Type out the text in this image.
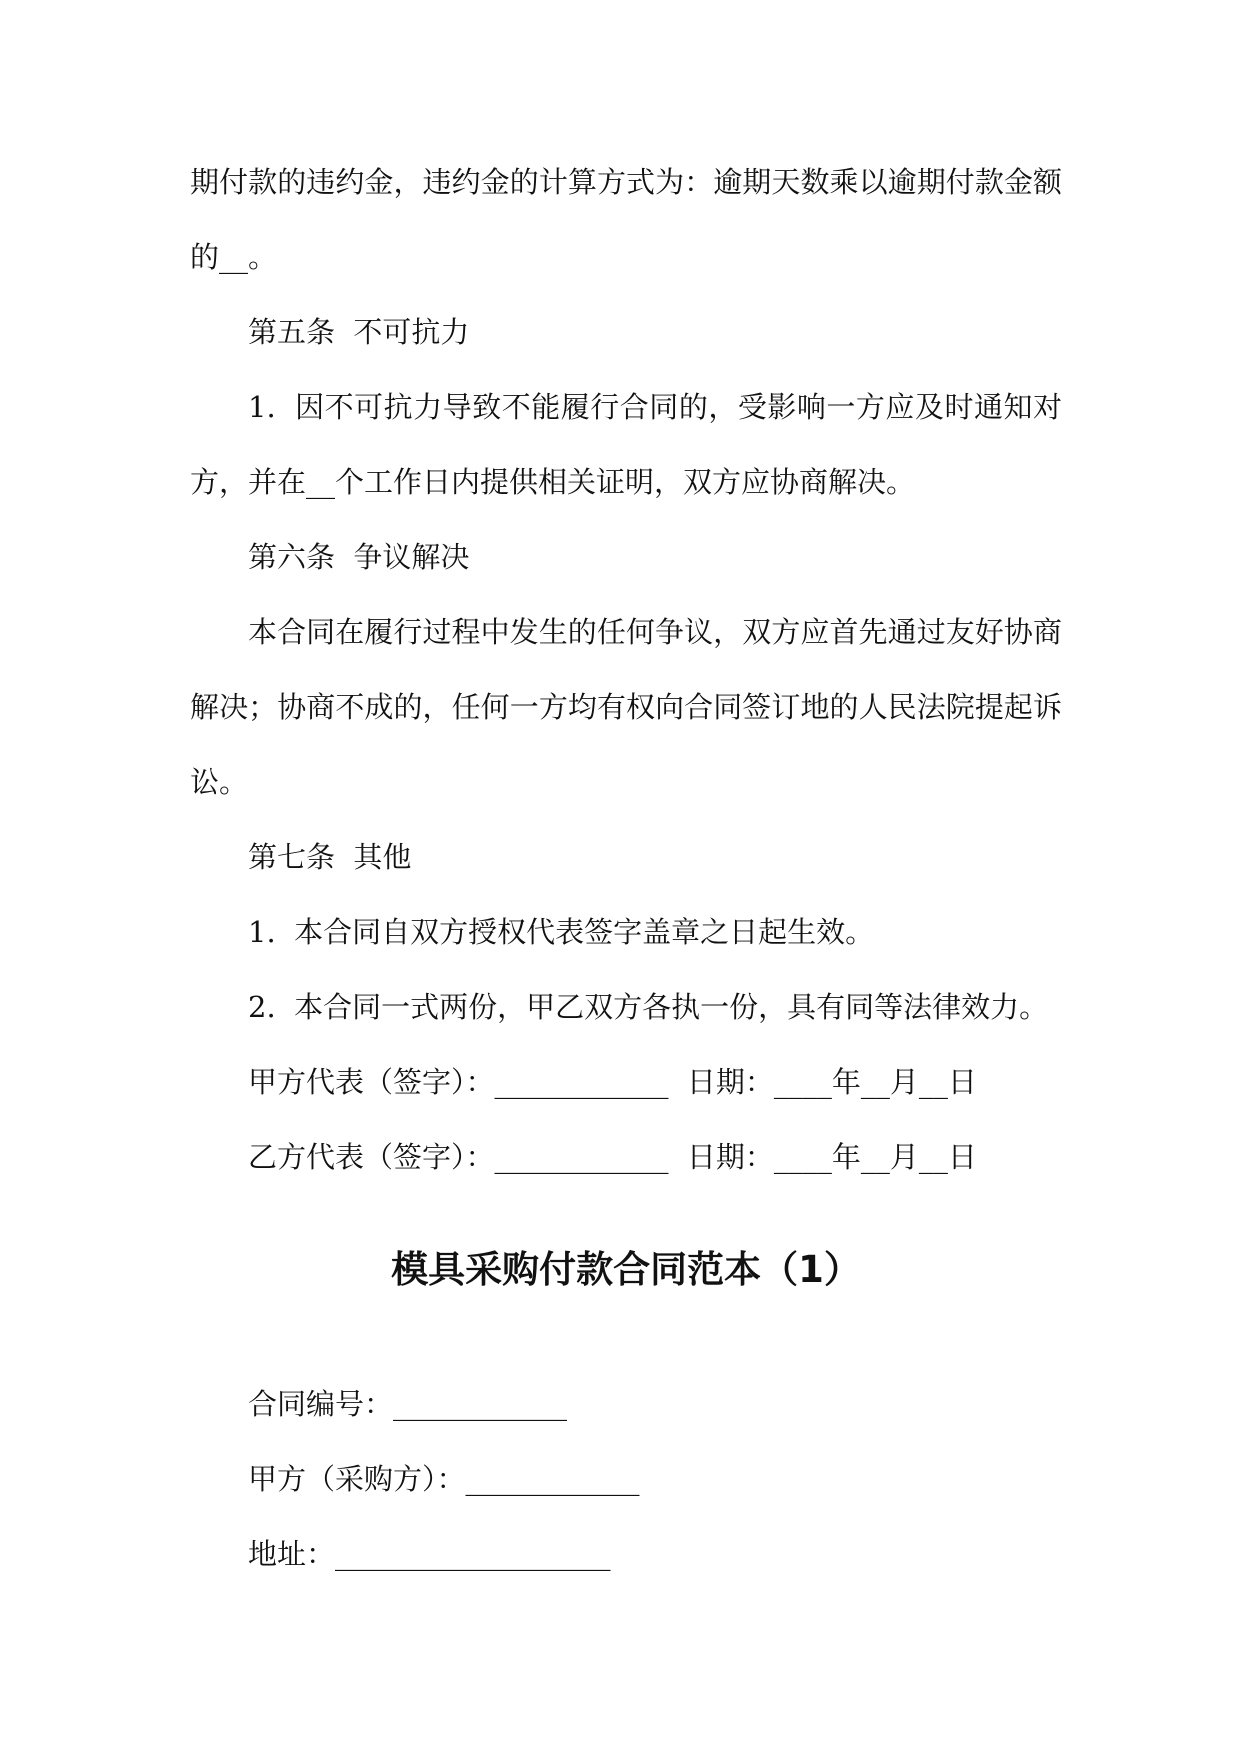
期付款的违约金，违约金的计算方式为：逾期天数乘以逾期付款金额的__。

第五条  不可抗力

1.  因不可抗力导致不能履行合同的，受影响一方应及时通知对方，并在__个工作日内提供相关证明，双方应协商解决。

第六条  争议解决

本合同在履行过程中发生的任何争议，双方应首先通过友好协商解决；协商不成的，任何一方均有权向合同签订地的人民法院提起诉讼。

第七条  其他

1.  本合同自双方授权代表签字盖章之日起生效。

2.  本合同一式两份，甲乙双方各执一份，具有同等法律效力。

甲方代表（签字）：____________  日期：____年__月__日

乙方代表（签字）：____________  日期：____年__月__日

模具采购付款合同范本（1）

合同编号：____________

甲方（采购方）：____________

地址：___________________
